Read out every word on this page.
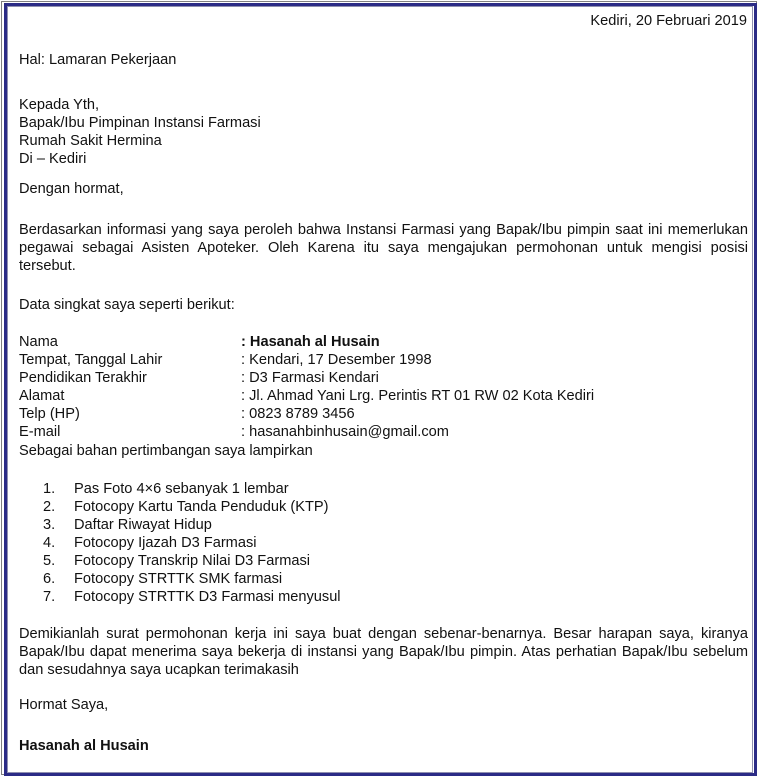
Kediri, 20 Februari 2019
Hal: Lamaran Pekerjaan
Kepada Yth,
Bapak/Ibu Pimpinan Instansi Farmasi
Rumah Sakit Hermina
Di – Kediri
Dengan hormat,
Berdasarkan informasi yang saya peroleh bahwa Instansi Farmasi yang Bapak/Ibu pimpin saat ini memerlukan pegawai sebagai Asisten Apoteker. Oleh Karena itu saya mengajukan permohonan untuk mengisi posisi tersebut.
Data singkat saya seperti berikut:
Nama	: Hasanah al Husain
Tempat, Tanggal Lahir	: Kendari, 17 Desember 1998
Pendidikan Terakhir	: D3 Farmasi Kendari
Alamat	: Jl. Ahmad Yani Lrg. Perintis RT 01 RW 02 Kota Kediri
Telp (HP)	: 0823 8789 3456
E-mail	: hasanahbinhusain@gmail.com
Sebagai bahan pertimbangan saya lampirkan
1.	Pas Foto 4×6 sebanyak 1 lembar
2.	Fotocopy Kartu Tanda Penduduk (KTP)
3.	Daftar Riwayat Hidup
4.	Fotocopy Ijazah D3 Farmasi
5.	Fotocopy Transkrip Nilai D3 Farmasi
6.	Fotocopy STRTTK SMK farmasi
7.	Fotocopy STRTTK D3 Farmasi menyusul
Demikianlah surat permohonan kerja ini saya buat dengan sebenar-benarnya. Besar harapan saya, kiranya Bapak/Ibu dapat menerima saya bekerja di instansi yang Bapak/Ibu pimpin. Atas perhatian Bapak/Ibu sebelum dan sesudahnya saya ucapkan terimakasih
Hormat Saya,
Hasanah al Husain
